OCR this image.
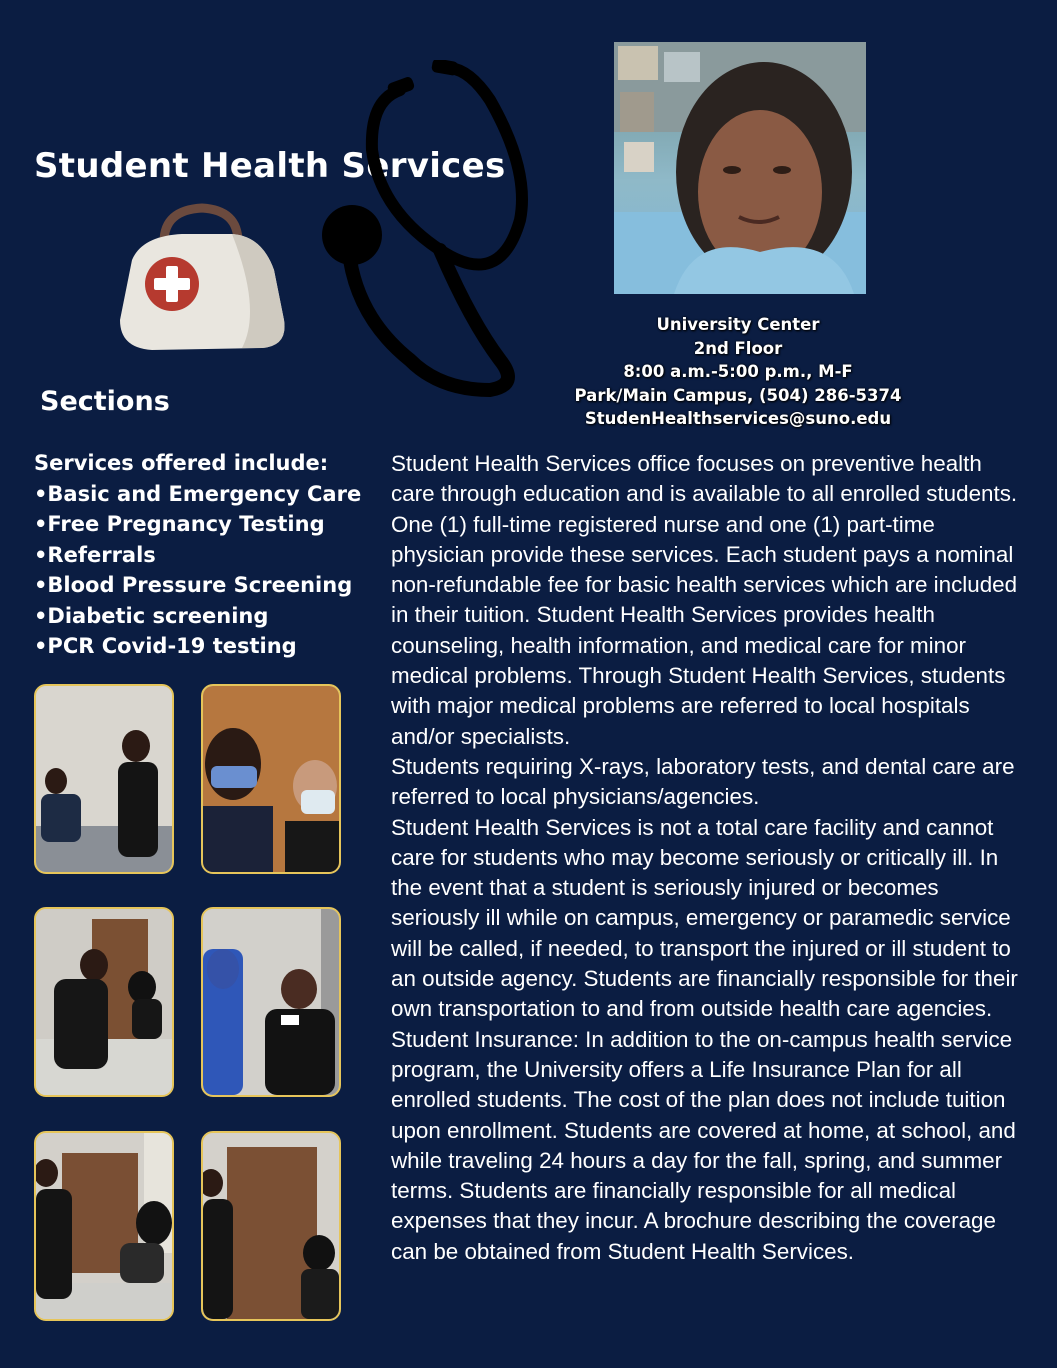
Student Health Services
University Center
2nd Floor
8:00 a.m.-5:00 p.m., M-F
Park/Main Campus, (504) 286-5374
StudenHealthservices@suno.edu
Sections
Services offered include:
•Basic and Emergency Care
•Free Pregnancy Testing
•Referrals
•Blood Pressure Screening
•Diabetic screening
•PCR Covid-19 testing

Student Health Services office focuses on preventive health care through education and is available to all enrolled students. One (1) full-time registered nurse and one (1) part-time physician provide these services. Each student pays a nominal non-refundable fee for basic health services which are included in their tuition. Student Health Services provides health counseling, health information, and medical care for minor medical problems. Through Student Health Services, students with major medical problems are referred to local hospitals and/or specialists.

Students requiring X-rays, laboratory tests, and dental care are referred to local physicians/agencies.

Student Health Services is not a total care facility and cannot care for students who may become seriously or critically ill. In the event that a student is seriously injured or becomes seriously ill while on campus, emergency or paramedic service will be called, if needed, to transport the injured or ill student to an outside agency. Students are financially responsible for their own transportation to and from outside health care agencies.

Student Insurance: In addition to the on-campus health service program, the University offers a Life Insurance Plan for all enrolled students. The cost of the plan does not include tuition upon enrollment. Students are covered at home, at school, and while traveling 24 hours a day for the fall, spring, and summer terms. Students are financially responsible for all medical expenses that they incur. A brochure describing the coverage can be obtained from Student Health Services.
